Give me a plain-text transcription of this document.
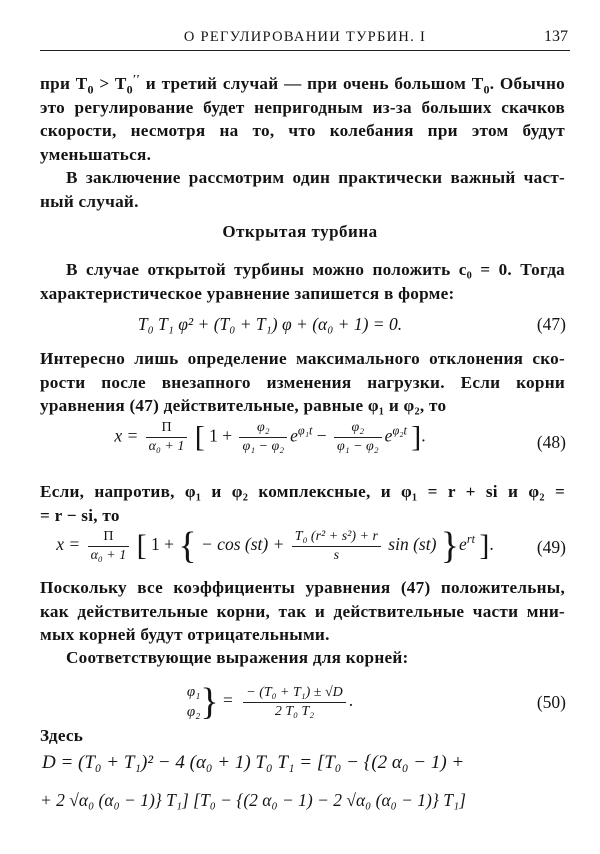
О РЕГУЛИРОВАНИИ ТУРБИН. I	137
при $T_0 > T_0''$ и третий случай — при очень большом $T_0$. Обычно
это регулирование будет непригодным из-за больших скачков
скорости, несмотря на то, что колебания при этом будут
уменьшаться.
В заключение рассмотрим один практически важный част-
ный случай.
Открытая турбина
В случае открытой турбины можно положить c₀ = 0. Тогда
характеристическое уравнение запишется в форме:
T₀ T₁ φ² + (T₀ + T₁) φ + (α₀ + 1) = 0.	(47)
Интересно лишь определение максимального отклонения ско-
рости после внезапного изменения нагрузки. Если корни
уравнения (47) действительные, равные φ₁ и φ₂, то
$x = \frac{\Pi}{\text{α₀ + 1}}$ [ $1 + \frac{\text{φ₂}}{\text{φ₁ − φ₂}} e^{\varphi_1t} - \frac{\text{φ₂}}{\text{φ₁ − φ₂}} e^{\varphi_2t}$ ].	(48)
Если, напротив, φ₁ и φ₂ комплексные, и φ₁ = r + si и φ₂ =
= r − si, то
$x = \frac{\Pi}{\text{α₀ + 1}}$ [ 1 + { − $\cos (st) + \frac{\text{T₀ (r² + s²) + r}}{s}$ sin (st) }$e^{rt}$ ].	(49)
Поскольку все коэффициенты уравнения (47) положительны,
как действительные корни, так и действительные части мни-
мых корней будут отрицательными.
Соответствующие выражения для корней:
φ₁
φ₂ } = $\frac{\text{− (T₀ + T₁) ± √D}}{\text{2 T₀ T₂}}$ .	(50)
Здесь
D = (T₀ + T₁)² − 4 (α₀ + 1) T₀ T₁ = [T₀ − {(2 α₀ − 1) +
+ 2 √α₀ (α₀ − 1)} T₁] [T₀ − {(2 α₀ − 1) − 2 √α₀ (α₀ − 1)} T₁]
